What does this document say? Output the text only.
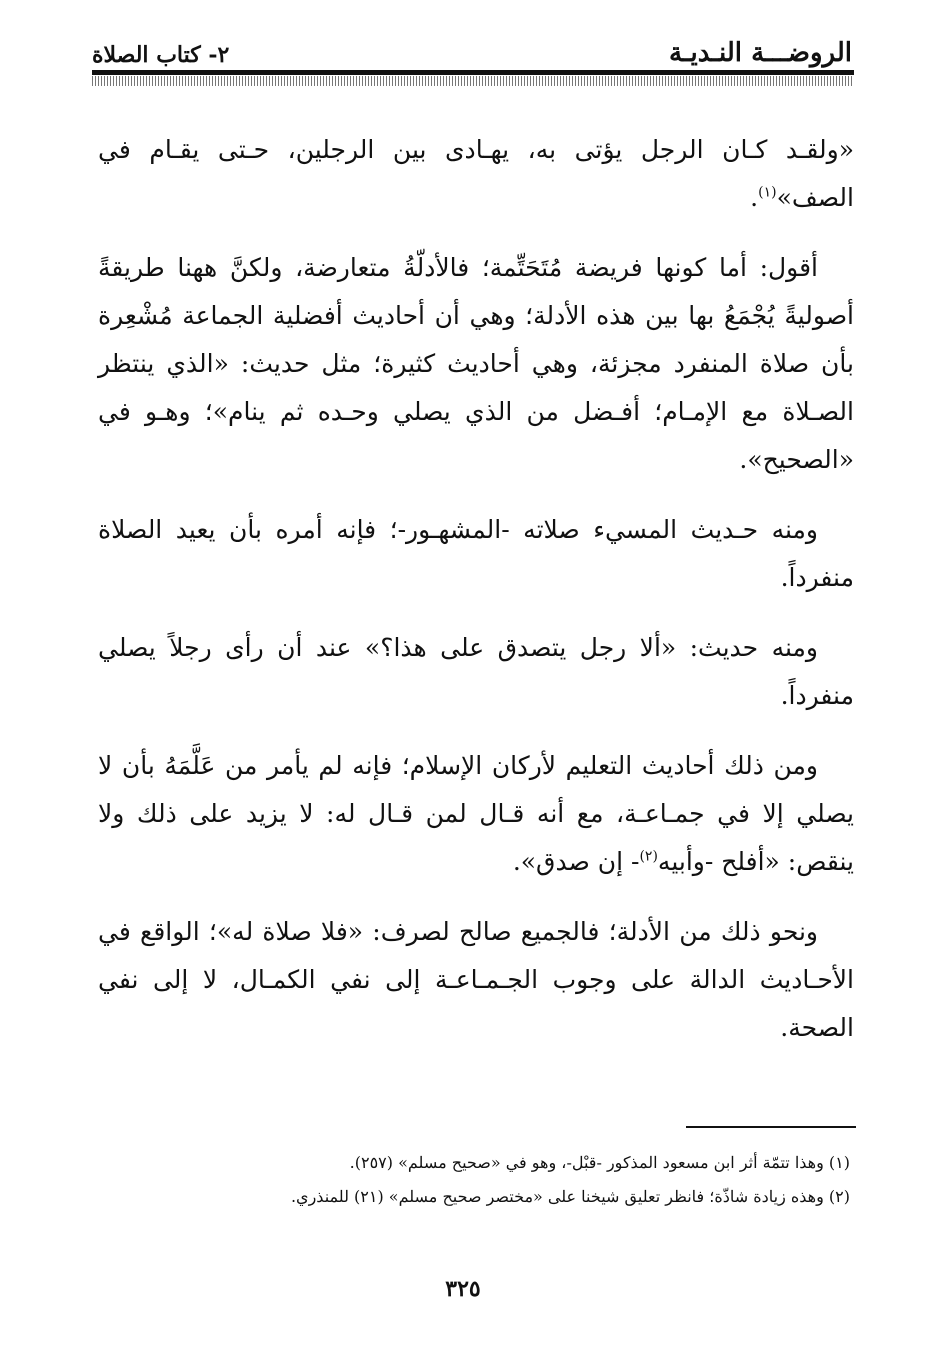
الروضـــة النـديـة
٢- كتاب الصلاة

«ولقـد كـان الرجل يؤتى به، يهـادى بين الرجلين، حـتى يقـام في الصف»$^{(١)}$.

أقول: أما كونها فريضة مُتَحَتِّمة؛ فالأدلّةُ متعارضة، ولكنَّ ههنا طريقةً أصوليةً يُجْمَعُ بها بين هذه الأدلة؛ وهي أن أحاديث أفضلية الجماعة مُشْعِرة بأن صلاة المنفرد مجزئة، وهي أحاديث كثيرة؛ مثل حديث: «الذي ينتظر الصـلاة مع الإمـام؛ أفـضل من الذي يصلي وحـده ثم ينام»؛ وهـو في «الصحيح».

ومنه حـديث المسيء صلاته -المشهـور-؛ فإنه أمره بأن يعيد الصلاة منفرداً.

ومنه حديث: «ألا رجل يتصدق على هذا؟» عند أن رأى رجلاً يصلي منفرداً.

ومن ذلك أحاديث التعليم لأركان الإسلام؛ فإنه لم يأمر من عَلَّمَهُ بأن لا يصلي إلا في جمـاعـة، مع أنه قـال لمن قـال له: لا يزيد على ذلك ولا ينقص: «أفلح -وأبيه$^{(٢)}$- إن صدق».

ونحو ذلك من الأدلة؛ فالجميع صالح لصرف: «فلا صلاة له»؛ الواقع في الأحـاديث الدالة على وجوب الجـمـاعـة إلى نفي الكمـال، لا إلى نفي الصحة.

(١) وهذا تتمّة أثر ابن مسعود المذكور -قبْل-، وهو في «صحيح مسلم» (٢٥٧).

(٢) وهذه زيادة شاذّة؛ فانظر تعليق شيخنا على «مختصر صحيح مسلم» (٢١) للمنذري.

٣٢٥
